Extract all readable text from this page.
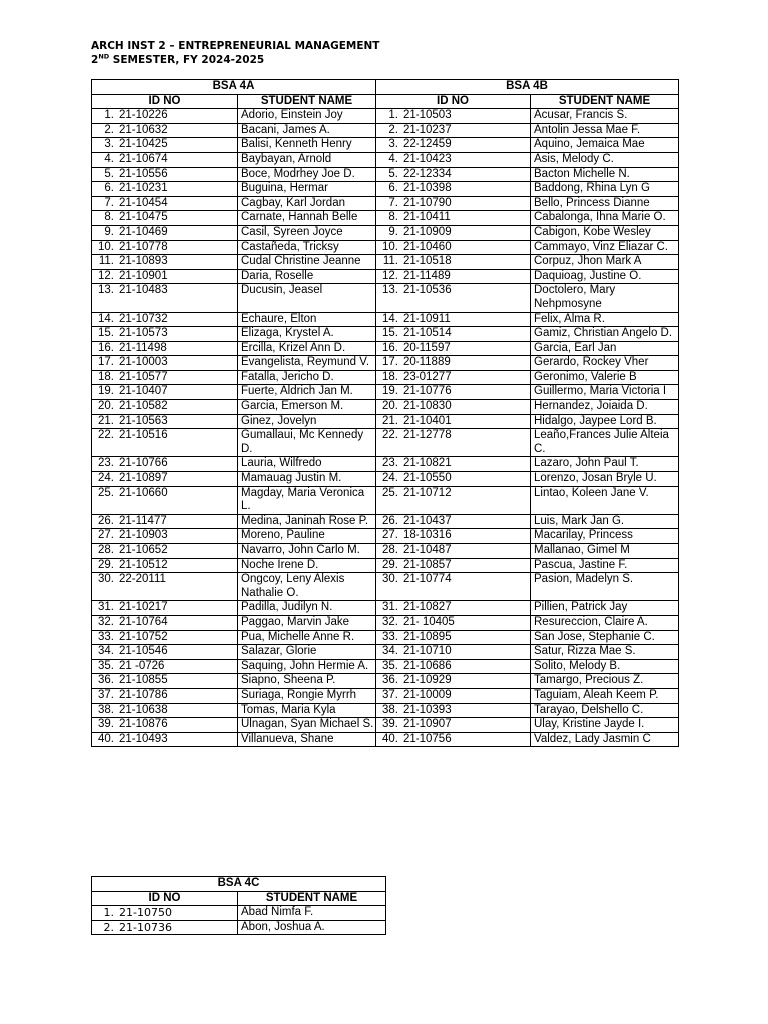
ARCH INST 2 – ENTREPRENEURIAL MANAGEMENT
2ND SEMESTER, FY 2024-2025
BSA 4A		BSA 4B	
ID NO	STUDENT NAME	ID NO	STUDENT NAME
1. 21-10226	Adorio, Einstein Joy	1. 21-10503	Acusar, Francis S.
2. 21-10632	Bacani, James A.	2. 21-10237	Antolin Jessa Mae F.
3. 21-10425	Balisi, Kenneth Henry	3. 22-12459	Aquino, Jemaica Mae
4. 21-10674	Baybayan, Arnold	4. 21-10423	Asis, Melody C.
5. 21-10556	Boce, Modrhey Joe D.	5. 22-12334	Bacton Michelle N.
6. 21-10231	Buguina, Hermar	6. 21-10398	Baddong, Rhina Lyn G
7. 21-10454	Cagbay, Karl Jordan	7. 21-10790	Bello, Princess Dianne
8. 21-10475	Carnate, Hannah Belle	8. 21-10411	Cabalonga, Ihna Marie O.
9. 21-10469	Casil, Syreen Joyce	9. 21-10909	Cabigon, Kobe Wesley
10. 21-10778	Castañeda, Tricksy	10. 21-10460	Cammayo, Vinz Eliazar C.
11. 21-10893	Cudal Christine Jeanne	11. 21-10518	Corpuz, Jhon Mark A
12. 21-10901	Daria, Roselle	12. 21-11489	Daquioag, Justine O.
13. 21-10483	Ducusin, Jeasel	13. 21-10536	Doctolero, Mary Nehpmosyne
14. 21-10732	Echaure, Elton	14. 21-10911	Felix, Alma R.
15. 21-10573	Elizaga, Krystel A.	15. 21-10514	Gamiz, Christian Angelo D.
16. 21-11498	Ercilla, Krizel Ann D.	16. 20-11597	Garcia, Earl Jan
17. 21-10003	Evangelista, Reymund V.	17. 20-11889	Gerardo, Rockey Vher
18. 21-10577	Fatalla, Jericho D.	18. 23-01277	Geronimo, Valerie B
19. 21-10407	Fuerte, Aldrich Jan M.	19. 21-10776	Guillermo, Maria Victoria I
20. 21-10582	Garcia, Emerson M.	20. 21-10830	Hernandez, Joiaida D.
21. 21-10563	Ginez, Jovelyn	21. 21-10401	Hidalgo, Jaypee Lord B.
22. 21-10516	Gumallaui, Mc Kennedy D.	22. 21-12778	Leaño,Frances Julie Alteia C.
23. 21-10766	Lauria, Wilfredo	23. 21-10821	Lazaro, John Paul T.
24. 21-10897	Mamauag Justin M.	24. 21-10550	Lorenzo, Josan Bryle U.
25. 21-10660	Magday, Maria Veronica L.	25. 21-10712	Lintao, Koleen Jane V.
26. 21-11477	Medina, Janinah Rose P.	26. 21-10437	Luis, Mark Jan G.
27. 21-10903	Moreno, Pauline	27. 18-10316	Macarilay, Princess
28. 21-10652	Navarro, John Carlo M.	28. 21-10487	Mallanao, Gimel M
29. 21-10512	Noche Irene D.	29. 21-10857	Pascua, Jastine F.
30. 22-20111	Ongcoy, Leny Alexis Nathalie O.	30. 21-10774	Pasion, Madelyn S.
31. 21-10217	Padilla, Judilyn N.	31. 21-10827	Pillien, Patrick Jay
32. 21-10764	Paggao, Marvin Jake	32. 21- 10405	Resureccion, Claire A.
33. 21-10752	Pua, Michelle Anne R.	33. 21-10895	San Jose, Stephanie C.
34. 21-10546	Salazar, Glorie	34. 21-10710	Satur, Rizza Mae S.
35. 21 -0726	Saquing, John Hermie A.	35. 21-10686	Solito, Melody B.
36. 21-10855	Siapno, Sheena P.	36. 21-10929	Tamargo, Precious Z.
37. 21-10786	Suriaga, Rongie Myrrh	37. 21-10009	Taguiam, Aleah Keem P.
38. 21-10638	Tomas, Maria Kyla	38. 21-10393	Tarayao, Delshello C.
39. 21-10876	Ulnagan, Syan Michael S.	39. 21-10907	Ulay, Kristine Jayde I.
40. 21-10493	Villanueva, Shane	40. 21-10756	Valdez, Lady Jasmin C
BSA 4C	
ID NO	STUDENT NAME
1. 21-10750	Abad Nimfa F.
2. 21-10736	Abon, Joshua A.
